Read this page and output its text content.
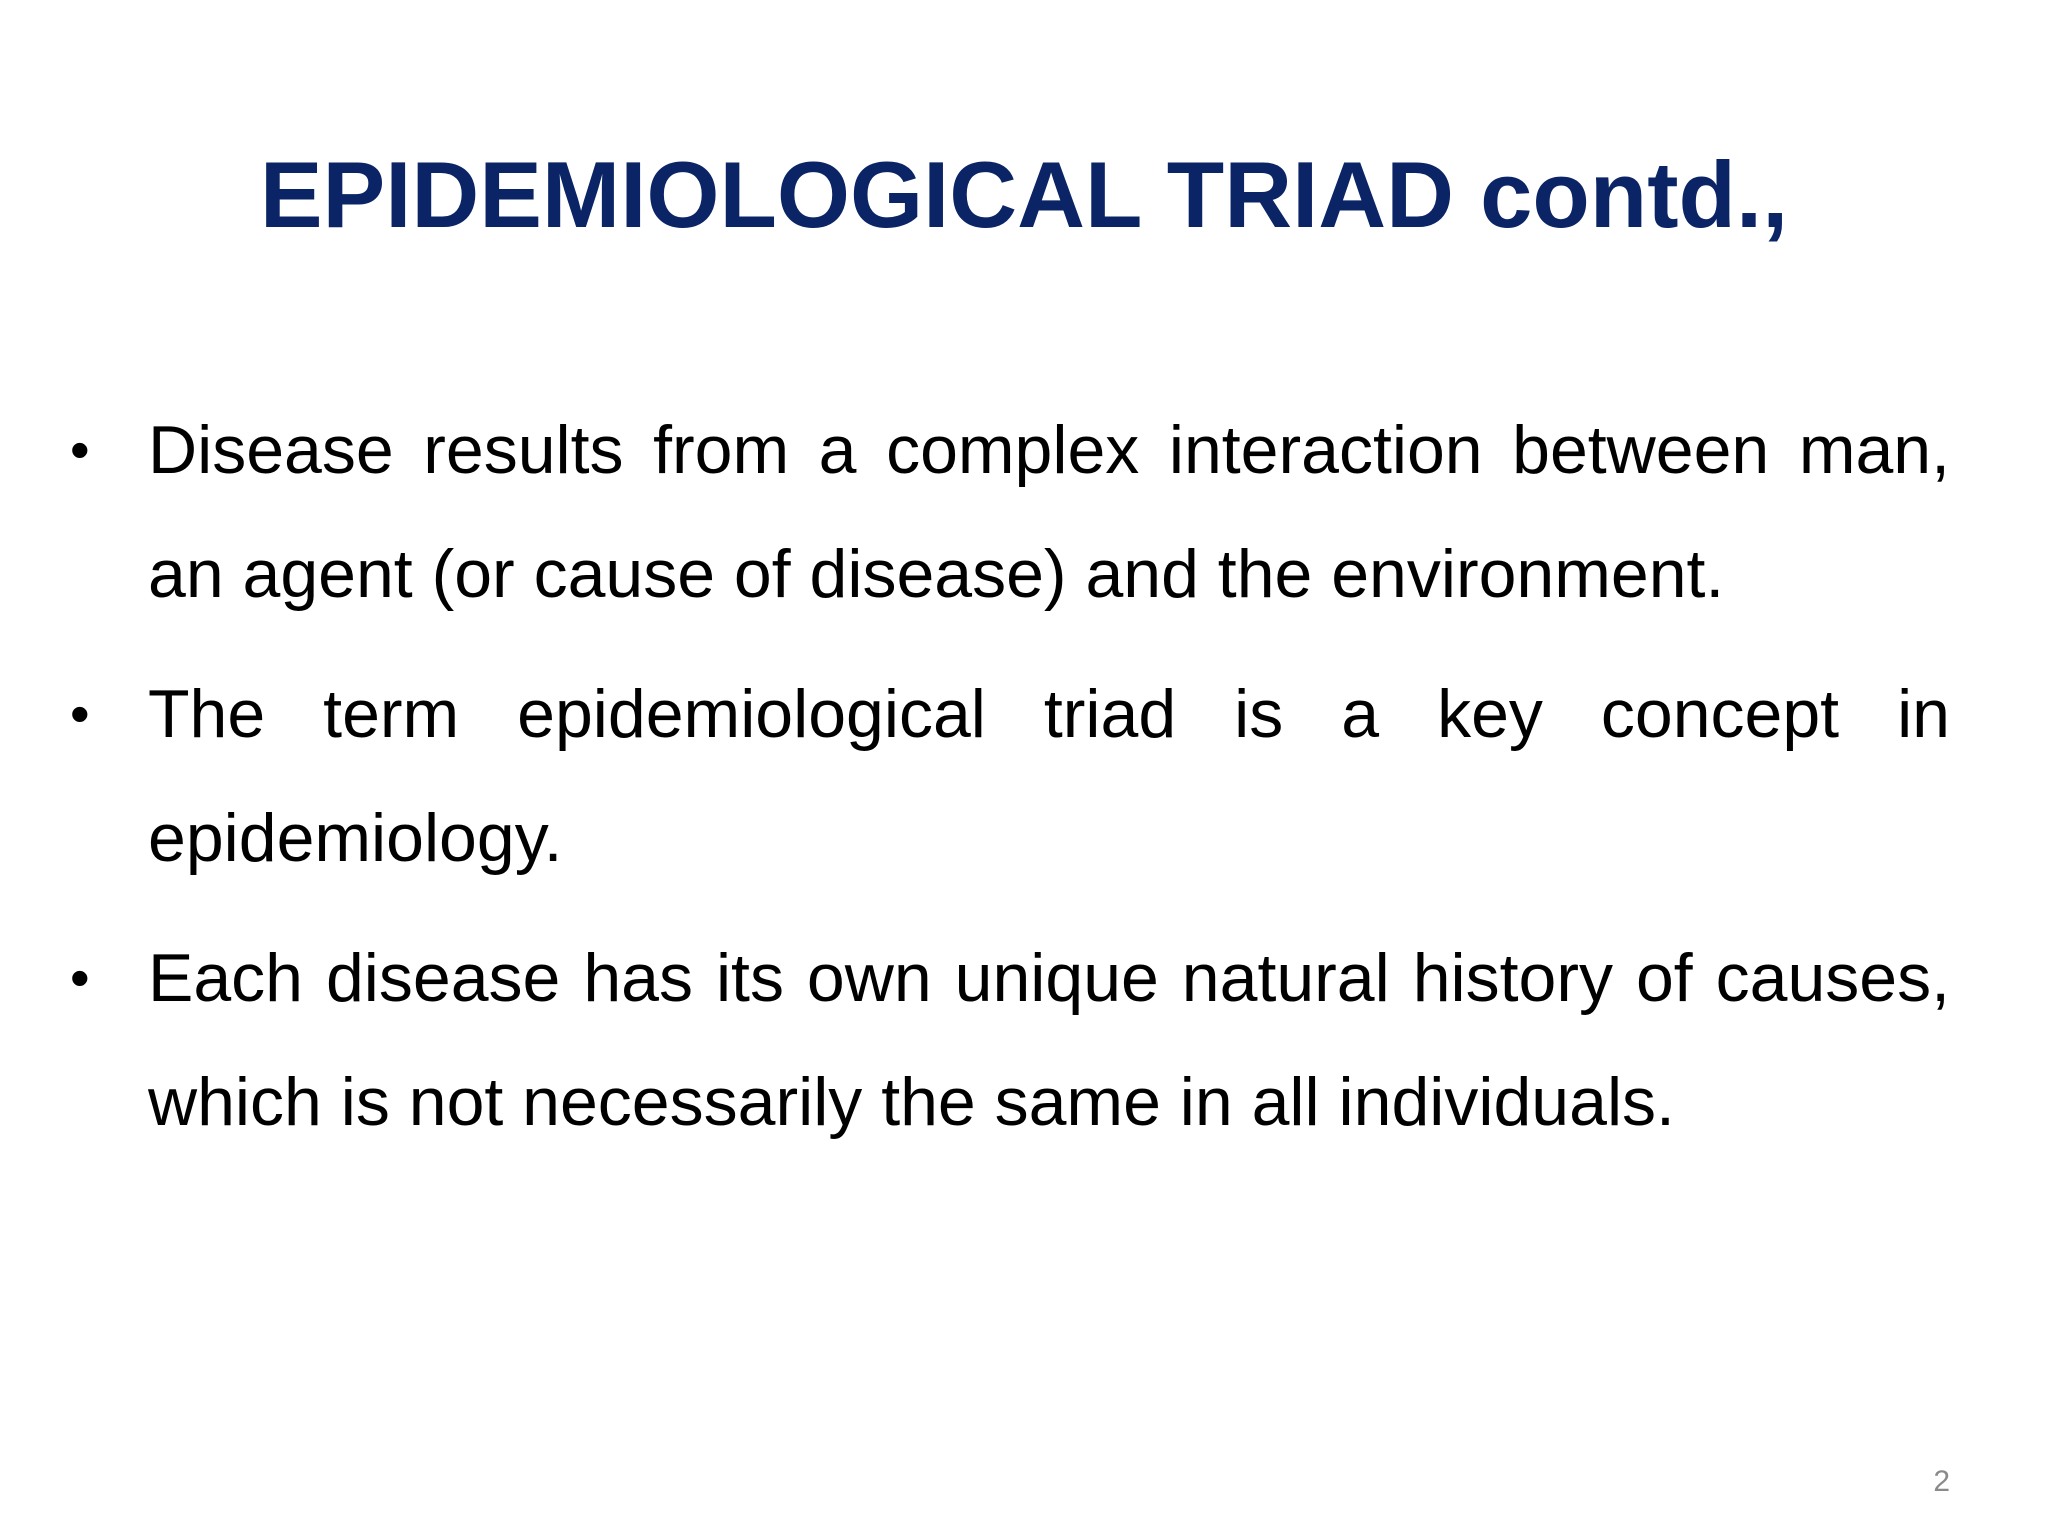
EPIDEMIOLOGICAL TRIAD contd.,
• Disease results from a complex interaction between man, an agent (or cause of disease) and the environment.
• The term epidemiological triad is a key concept in epidemiology.
• Each disease has its own unique natural history of causes, which is not necessarily the same in all individuals.
2
